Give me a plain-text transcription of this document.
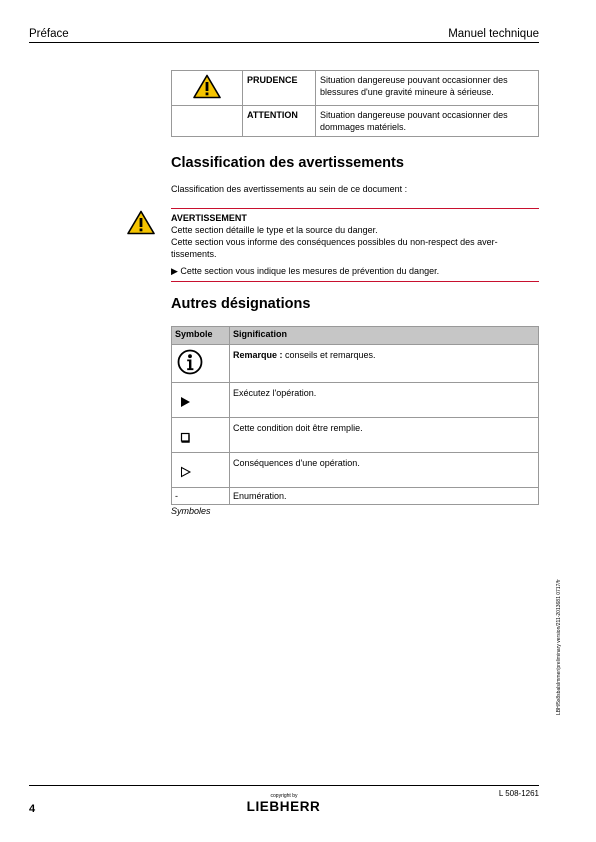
Préface	Manuel technique
	PRUDENCE	Situation dangereuse pouvant occasionner des blessures d'une gravité mineure à sérieuse.
	ATTENTION	Situation dangereuse pouvant occasionner des dommages matériels.
Classification des avertissements
Classification des avertissements au sein de ce document :
AVERTISSEMENT
Cette section détaille le type et la source du danger.
Cette section vous informe des conséquences possibles du non-respect des aver-
tissements.
▶ Cette section vous indique les mesures de prévention du danger.
Autres désignations
Symbole	Signification
	Remarque : conseils et remarques.
	Exécutez l'opération.
	Cette condition doit être remplie.
	Conséquences d'une opération.
-	Enumération.
Symboles
LBH/5x8sbalsImmer/preliminary version/211-2013681 0717/fr
L 508-1261
4
copyright by
LIEBHERR
